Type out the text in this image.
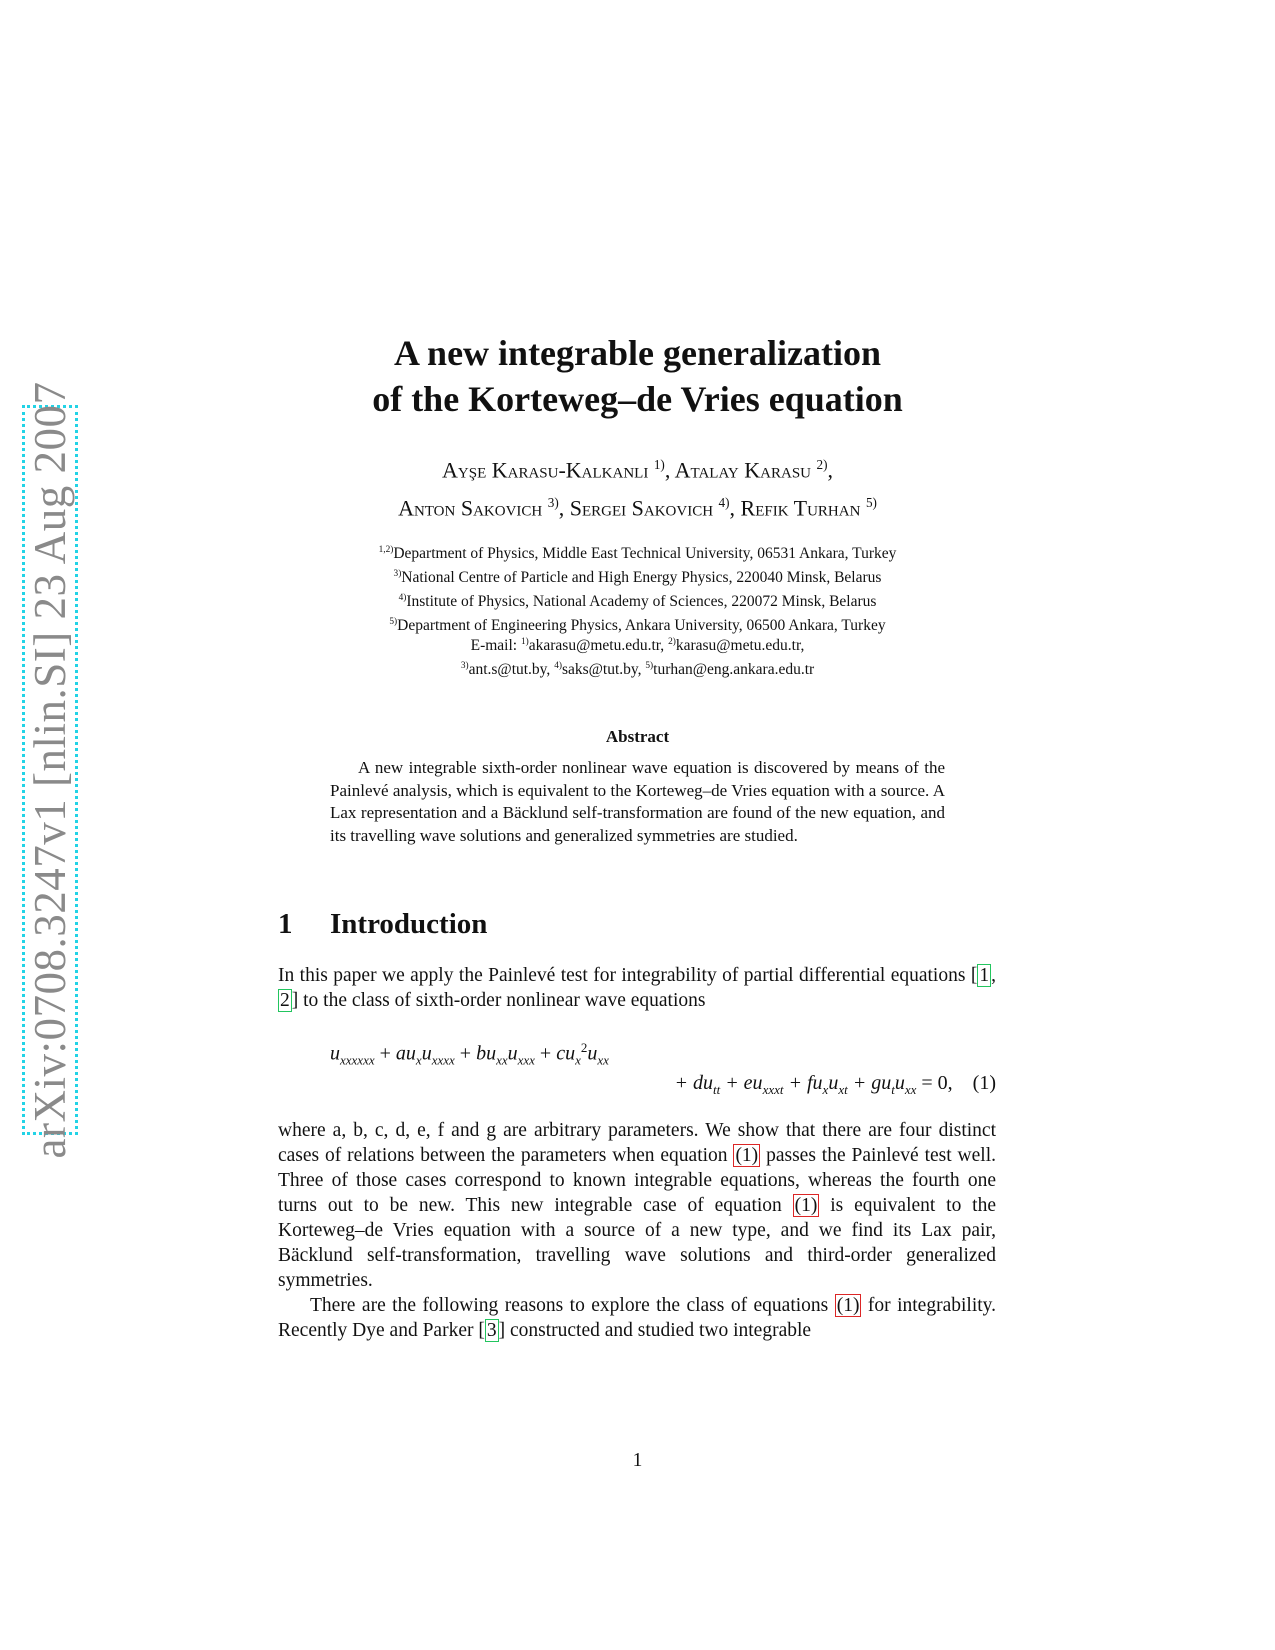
arXiv:0708.3247v1 [nlin.SI] 23 Aug 2007
A new integrable generalization
of the Korteweg–de Vries equation
Ayşe Karasu-Kalkanli $^{1)}$, Atalay Karasu $^{2)}$,
Anton Sakovich $^{3)}$, Sergei Sakovich $^{4)}$, Refik Turhan $^{5)}$
$^{1,2)}$Department of Physics, Middle East Technical University, 06531 Ankara, Turkey
$^{3)}$National Centre of Particle and High Energy Physics, 220040 Minsk, Belarus
$^{4)}$Institute of Physics, National Academy of Sciences, 220072 Minsk, Belarus
$^{5)}$Department of Engineering Physics, Ankara University, 06500 Ankara, Turkey
E-mail: $^{1)}$akarasu@metu.edu.tr, $^{2)}$karasu@metu.edu.tr,
$^{3)}$ant.s@tut.by, $^{4)}$saks@tut.by, $^{5)}$turhan@eng.ankara.edu.tr
Abstract

A new integrable sixth-order nonlinear wave equation is discovered by means of the Painlevé analysis, which is equivalent to the Korteweg–de Vries equation with a source. A Lax representation and a Bäcklund self-transformation are found of the new equation, and its travelling wave solutions and generalized symmetries are studied.

1 Introduction

In this paper we apply the Painlevé test for integrability of partial differential equations [ 1 , 2 ] to the class of sixth-order nonlinear wave equations

$u_{xxxxxx} + au_xu_{xxxx} + bu_{xx}u_{xxx} + cu_x^2u_{xx}$
+ $du_{tt} + eu_{xxxt} + fu_xu_{xt} + gu_tu_{xx} = 0$,    (1)

where a, b, c, d, e, f and g are arbitrary parameters. We show that there are four distinct cases of relations between the parameters when equation (1) passes the Painlevé test well. Three of those cases correspond to known integrable equations, whereas the fourth one turns out to be new. This new integrable case of equation (1) is equivalent to the Korteweg–de Vries equation with a source of a new type, and we find its Lax pair, Bäcklund self-transformation, travelling wave solutions and third-order generalized symmetries.

There are the following reasons to explore the class of equations (1) for integrability. Recently Dye and Parker [ 3 ] constructed and studied two integrable

1
